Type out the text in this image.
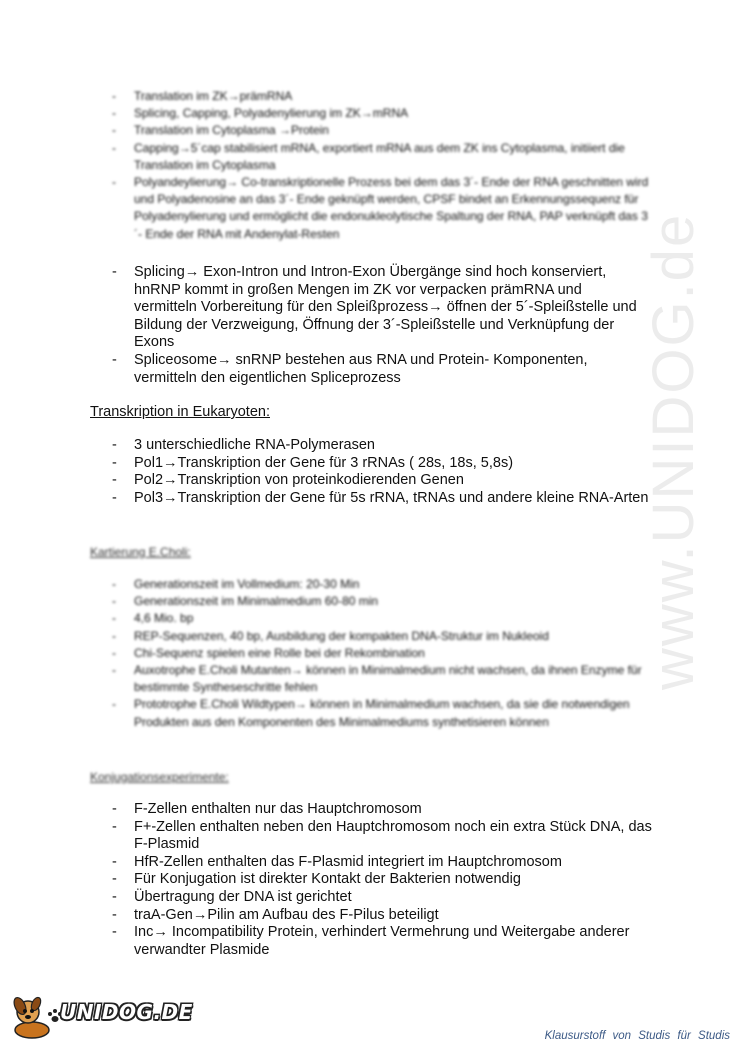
www.UNIDOG.de
- Translation im ZK→prämRNA
- Splicing, Capping, Polyadenylierung im ZK→mRNA
- Translation im Cytoplasma →Protein
- Capping→5´cap stabilisiert mRNA, exportiert mRNA aus dem ZK ins Cytoplasma, initiiert die Translation im Cytoplasma
- Polyandeylierung→ Co-transkriptionelle Prozess bei dem das 3´- Ende der RNA geschnitten wird und Polyadenosine an das 3´- Ende geknüpft werden, CPSF bindet an Erkennungssequenz für Polyadenylierung und ermöglicht die endonukleolytische Spaltung der RNA, PAP verknüpft das 3´- Ende der RNA mit Andenylat-Resten
- Splicing→ Exon-Intron und Intron-Exon Übergänge sind hoch konserviert, hnRNP kommt in großen Mengen im ZK vor verpacken prämRNA und vermitteln Vorbereitung für den Spleißprozess→ öffnen der 5´-Spleißstelle und Bildung der Verzweigung, Öffnung der 3´-Spleißstelle und Verknüpfung der Exons
- Spliceosome→ snRNP bestehen aus RNA und Protein- Komponenten, vermitteln den eigentlichen Spliceprozess
Transkription in Eukaryoten:
- 3 unterschiedliche RNA-Polymerasen
- Pol1→Transkription der Gene für 3 rRNAs ( 28s, 18s, 5,8s)
- Pol2→Transkription von proteinkodierenden Genen
- Pol3→Transkription der Gene für 5s rRNA, tRNAs und andere kleine RNA-Arten
Kartierung E.Choli:
- Generationszeit im Vollmedium: 20-30 Min
- Generationszeit im Minimalmedium 60-80 min
- 4,6 Mio. bp
- REP-Sequenzen, 40 bp, Ausbildung der kompakten DNA-Struktur im Nukleoid
- Chi-Sequenz spielen eine Rolle bei der Rekombination
- Auxotrophe E.Choli Mutanten→ können in Minimalmedium nicht wachsen, da ihnen Enzyme für bestimmte Syntheseschritte fehlen
- Prototrophe E.Choli Wildtypen→ können in Minimalmedium wachsen, da sie die notwendigen Produkten aus den Komponenten des Minimalmediums synthetisieren können
Konjugationsexperimente:
- F-Zellen enthalten nur das Hauptchromosom
- F+-Zellen enthalten neben den Hauptchromosom noch ein extra Stück DNA, das F-Plasmid
- HfR-Zellen enthalten das F-Plasmid integriert im Hauptchromosom
- Für Konjugation ist direkter Kontakt der Bakterien notwendig
- Übertragung der DNA ist gerichtet
- traA-Gen→Pilin am Aufbau des F-Pilus beteiligt
- Inc→ Incompatibility Protein, verhindert Vermehrung und Weitergabe anderer verwandter Plasmide
UNIDOG.DE
Klausurstoff von Studis für Studis
